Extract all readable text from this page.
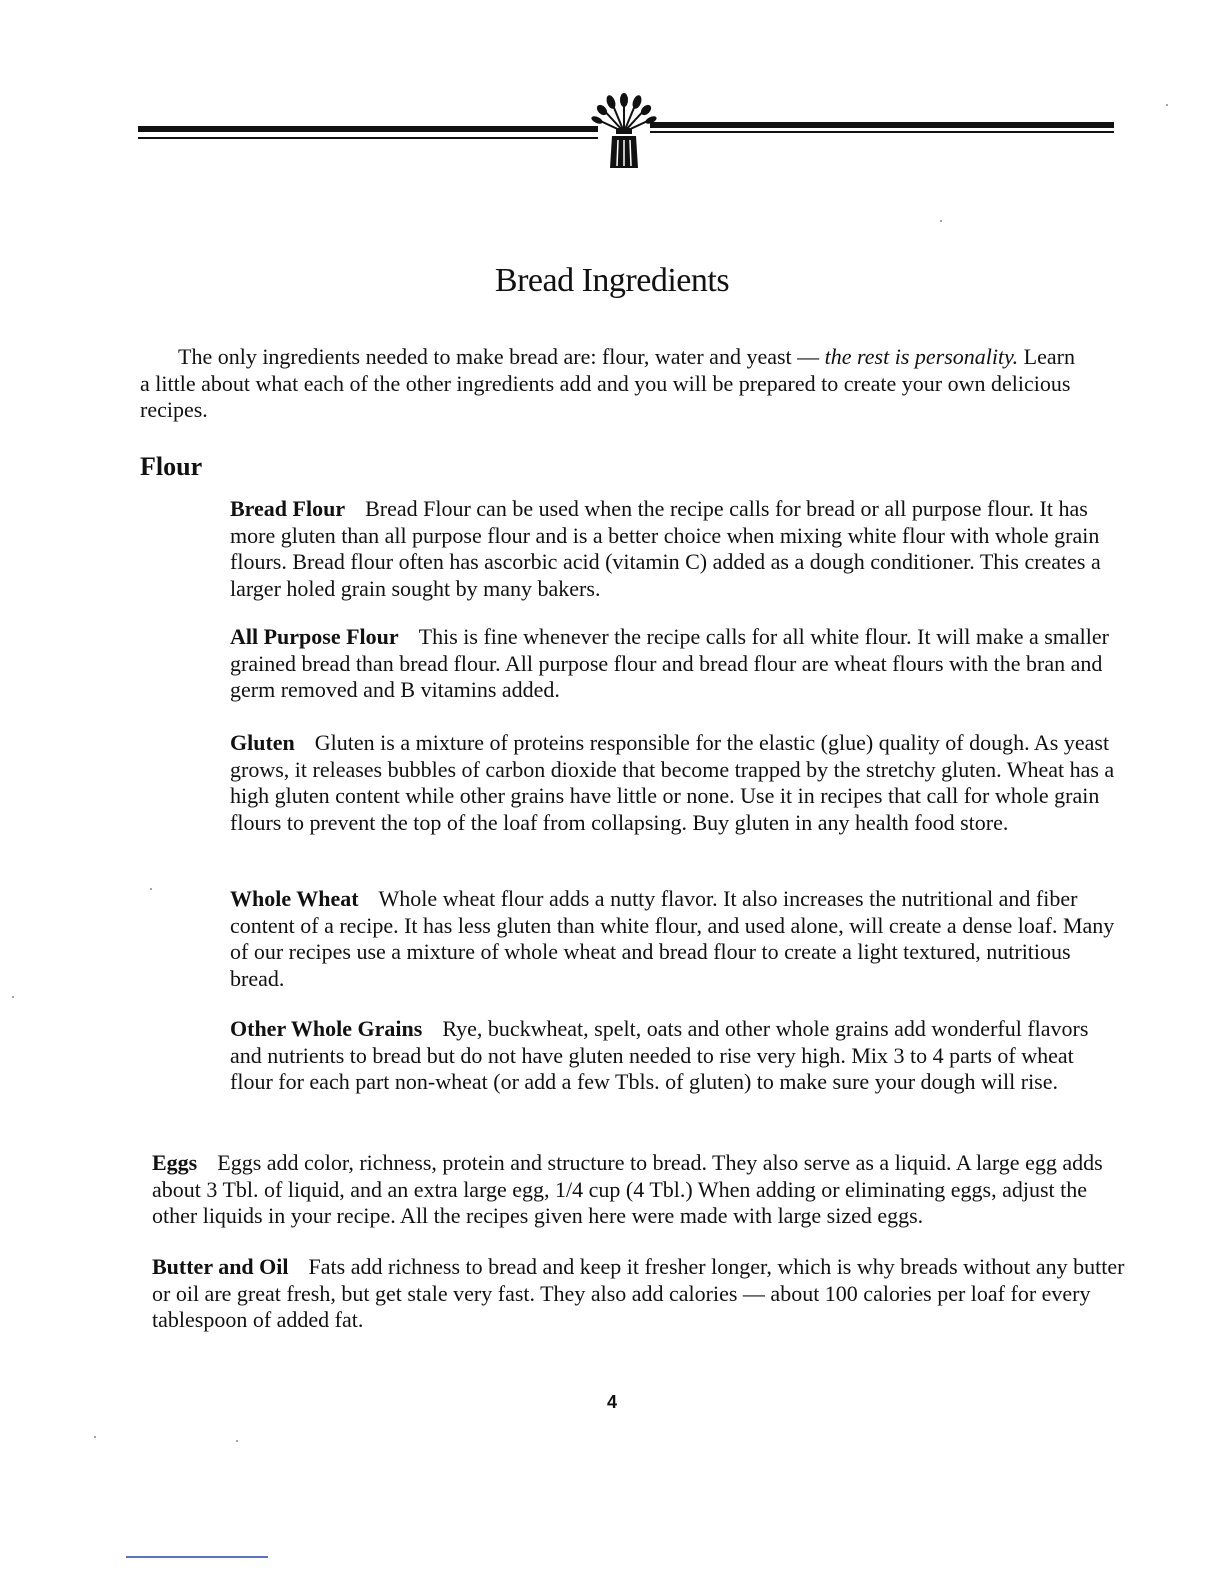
Bread Ingredients

The only ingredients needed to make bread are: flour, water and yeast — the rest is personality. Learn a little about what each of the other ingredients add and you will be prepared to create your own delicious recipes.

Flour

Bread Flour Bread Flour can be used when the recipe calls for bread or all purpose flour. It has more gluten than all purpose flour and is a better choice when mixing white flour with whole grain flours. Bread flour often has ascorbic acid (vitamin C) added as a dough conditioner. This creates a larger holed grain sought by many bakers.

All Purpose Flour This is fine whenever the recipe calls for all white flour. It will make a smaller grained bread than bread flour. All purpose flour and bread flour are wheat flours with the bran and germ removed and B vitamins added.

Gluten Gluten is a mixture of proteins responsible for the elastic (glue) quality of dough. As yeast grows, it releases bubbles of carbon dioxide that become trapped by the stretchy gluten. Wheat has a high gluten content while other grains have little or none. Use it in recipes that call for whole grain flours to prevent the top of the loaf from collapsing. Buy gluten in any health food store.

Whole Wheat Whole wheat flour adds a nutty flavor. It also increases the nutritional and fiber content of a recipe. It has less gluten than white flour, and used alone, will create a dense loaf. Many of our recipes use a mixture of whole wheat and bread flour to create a light textured, nutritious bread.

Other Whole Grains Rye, buckwheat, spelt, oats and other whole grains add wonderful flavors and nutrients to bread but do not have gluten needed to rise very high. Mix 3 to 4 parts of wheat flour for each part non-wheat (or add a few Tbls. of gluten) to make sure your dough will rise.

Eggs Eggs add color, richness, protein and structure to bread. They also serve as a liquid. A large egg adds about 3 Tbl. of liquid, and an extra large egg, 1/4 cup (4 Tbl.) When adding or eliminating eggs, adjust the other liquids in your recipe. All the recipes given here were made with large sized eggs.

Butter and Oil Fats add richness to bread and keep it fresher longer, which is why breads without any butter or oil are great fresh, but get stale very fast. They also add calories — about 100 calories per loaf for every tablespoon of added fat.

4
